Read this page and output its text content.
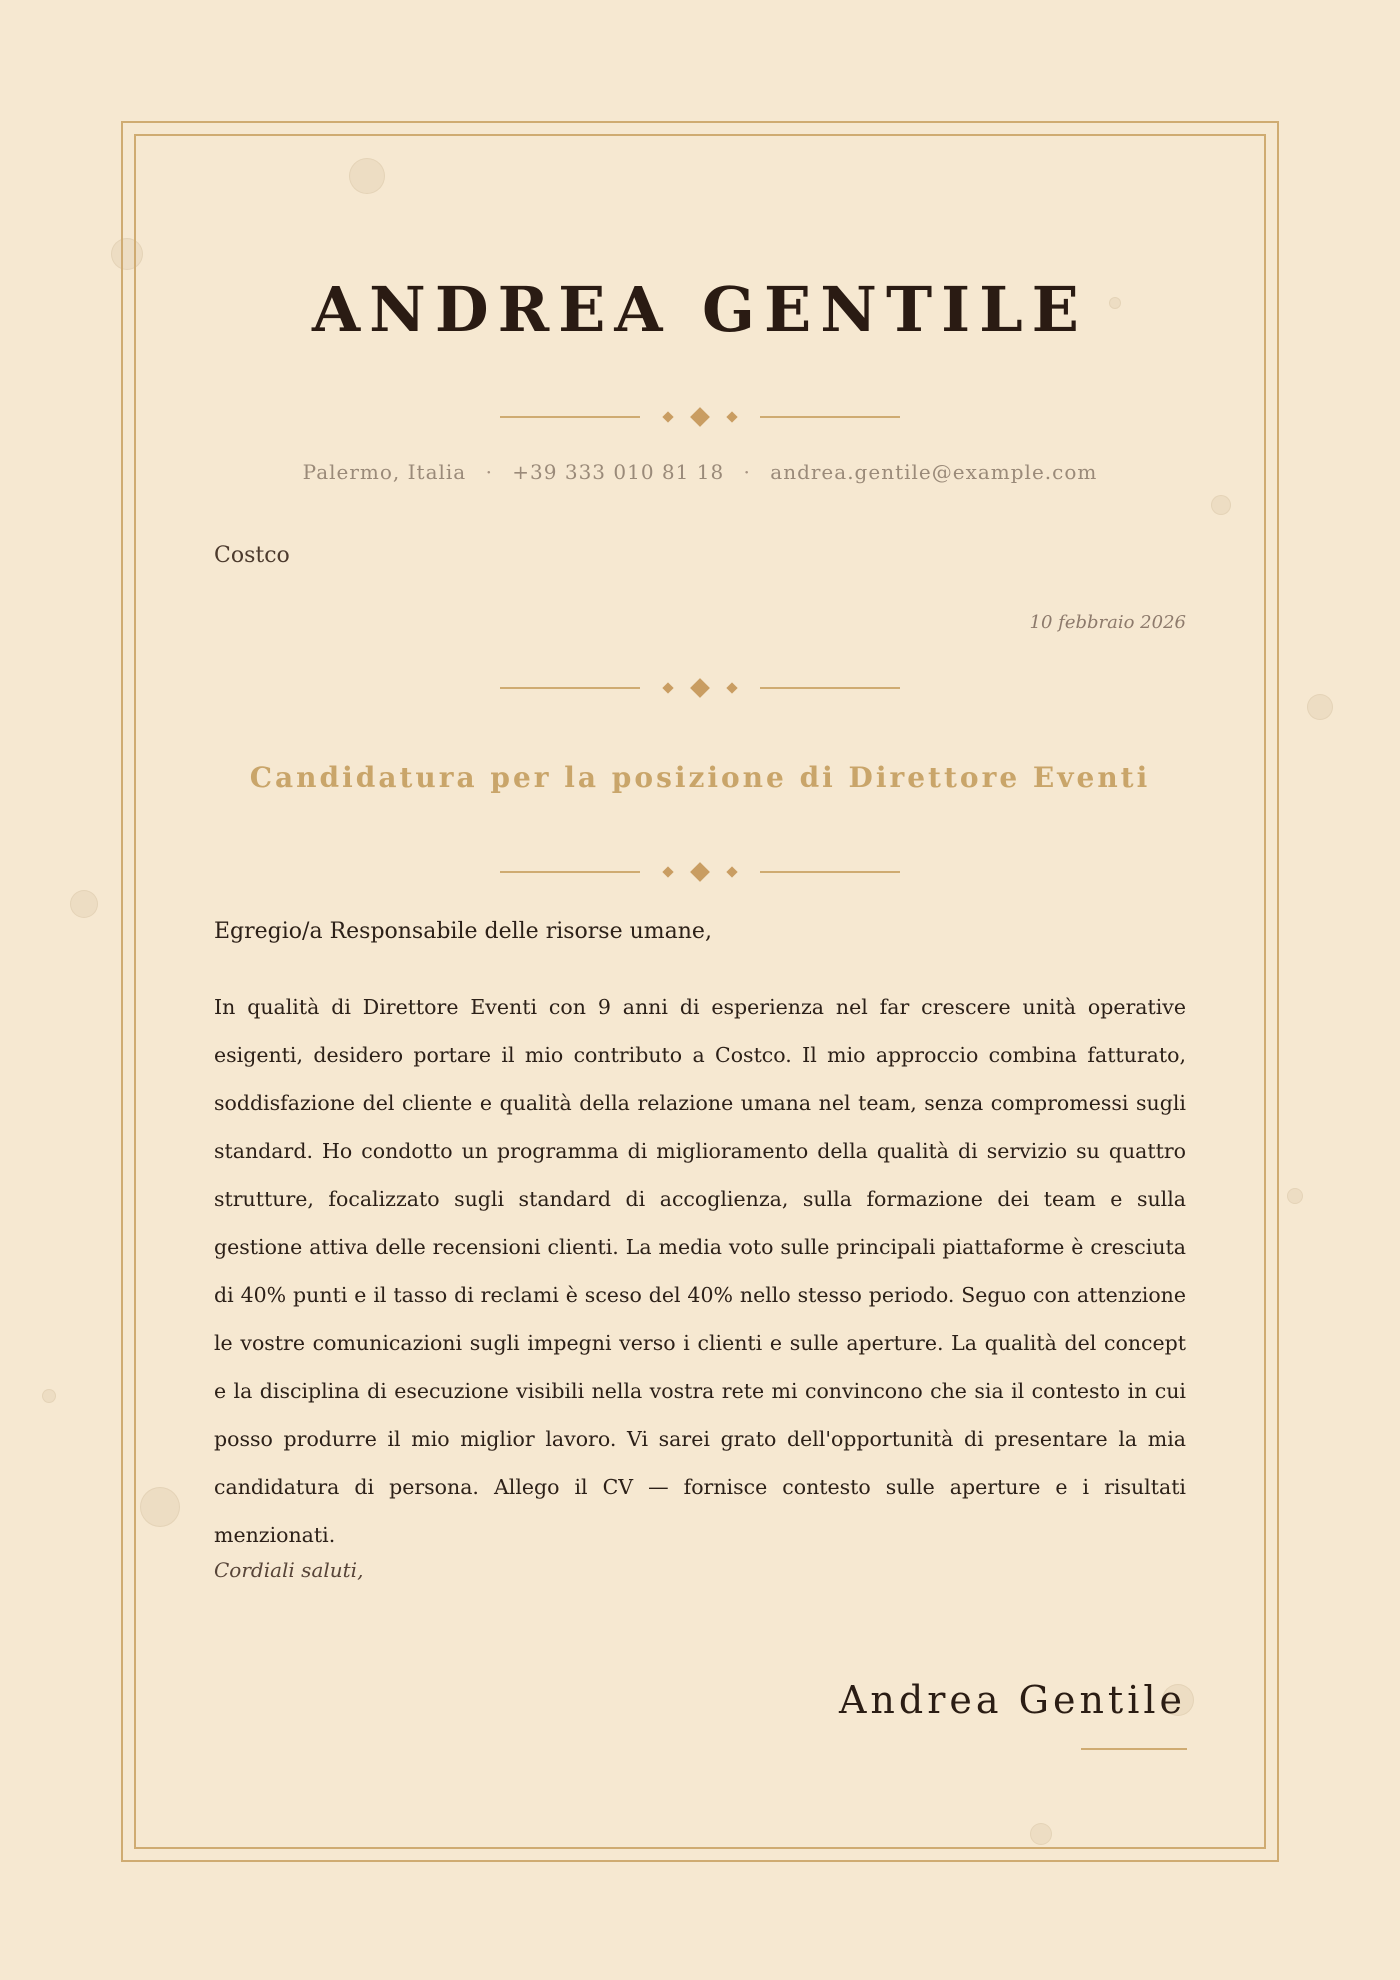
ANDREA GENTILE
Palermo, Italia · +39 333 010 81 18 · andrea.gentile@example.com
Costco
10 febbraio 2026
Candidatura per la posizione di Direttore Eventi
Egregio/a Responsabile delle risorse umane,
In qualità di Direttore Eventi con 9 anni di esperienza nel far crescere unità operative esigenti, desidero portare il mio contributo a Costco. Il mio approccio combina fatturato, soddisfazione del cliente e qualità della relazione umana nel team, senza compromessi sugli standard. Ho condotto un programma di miglioramento della qualità di servizio su quattro strutture, focalizzato sugli standard di accoglienza, sulla formazione dei team e sulla gestione attiva delle recensioni clienti. La media voto sulle principali piattaforme è cresciuta di 40% punti e il tasso di reclami è sceso del 40% nello stesso periodo. Seguo con attenzione le vostre comunicazioni sugli impegni verso i clienti e sulle aperture. La qualità del concept e la disciplina di esecuzione visibili nella vostra rete mi convincono che sia il contesto in cui posso produrre il mio miglior lavoro. Vi sarei grato dell'opportunità di presentare la mia candidatura di persona. Allego il CV — fornisce contesto sulle aperture e i risultati menzionati.
Cordiali saluti,
Andrea Gentile
